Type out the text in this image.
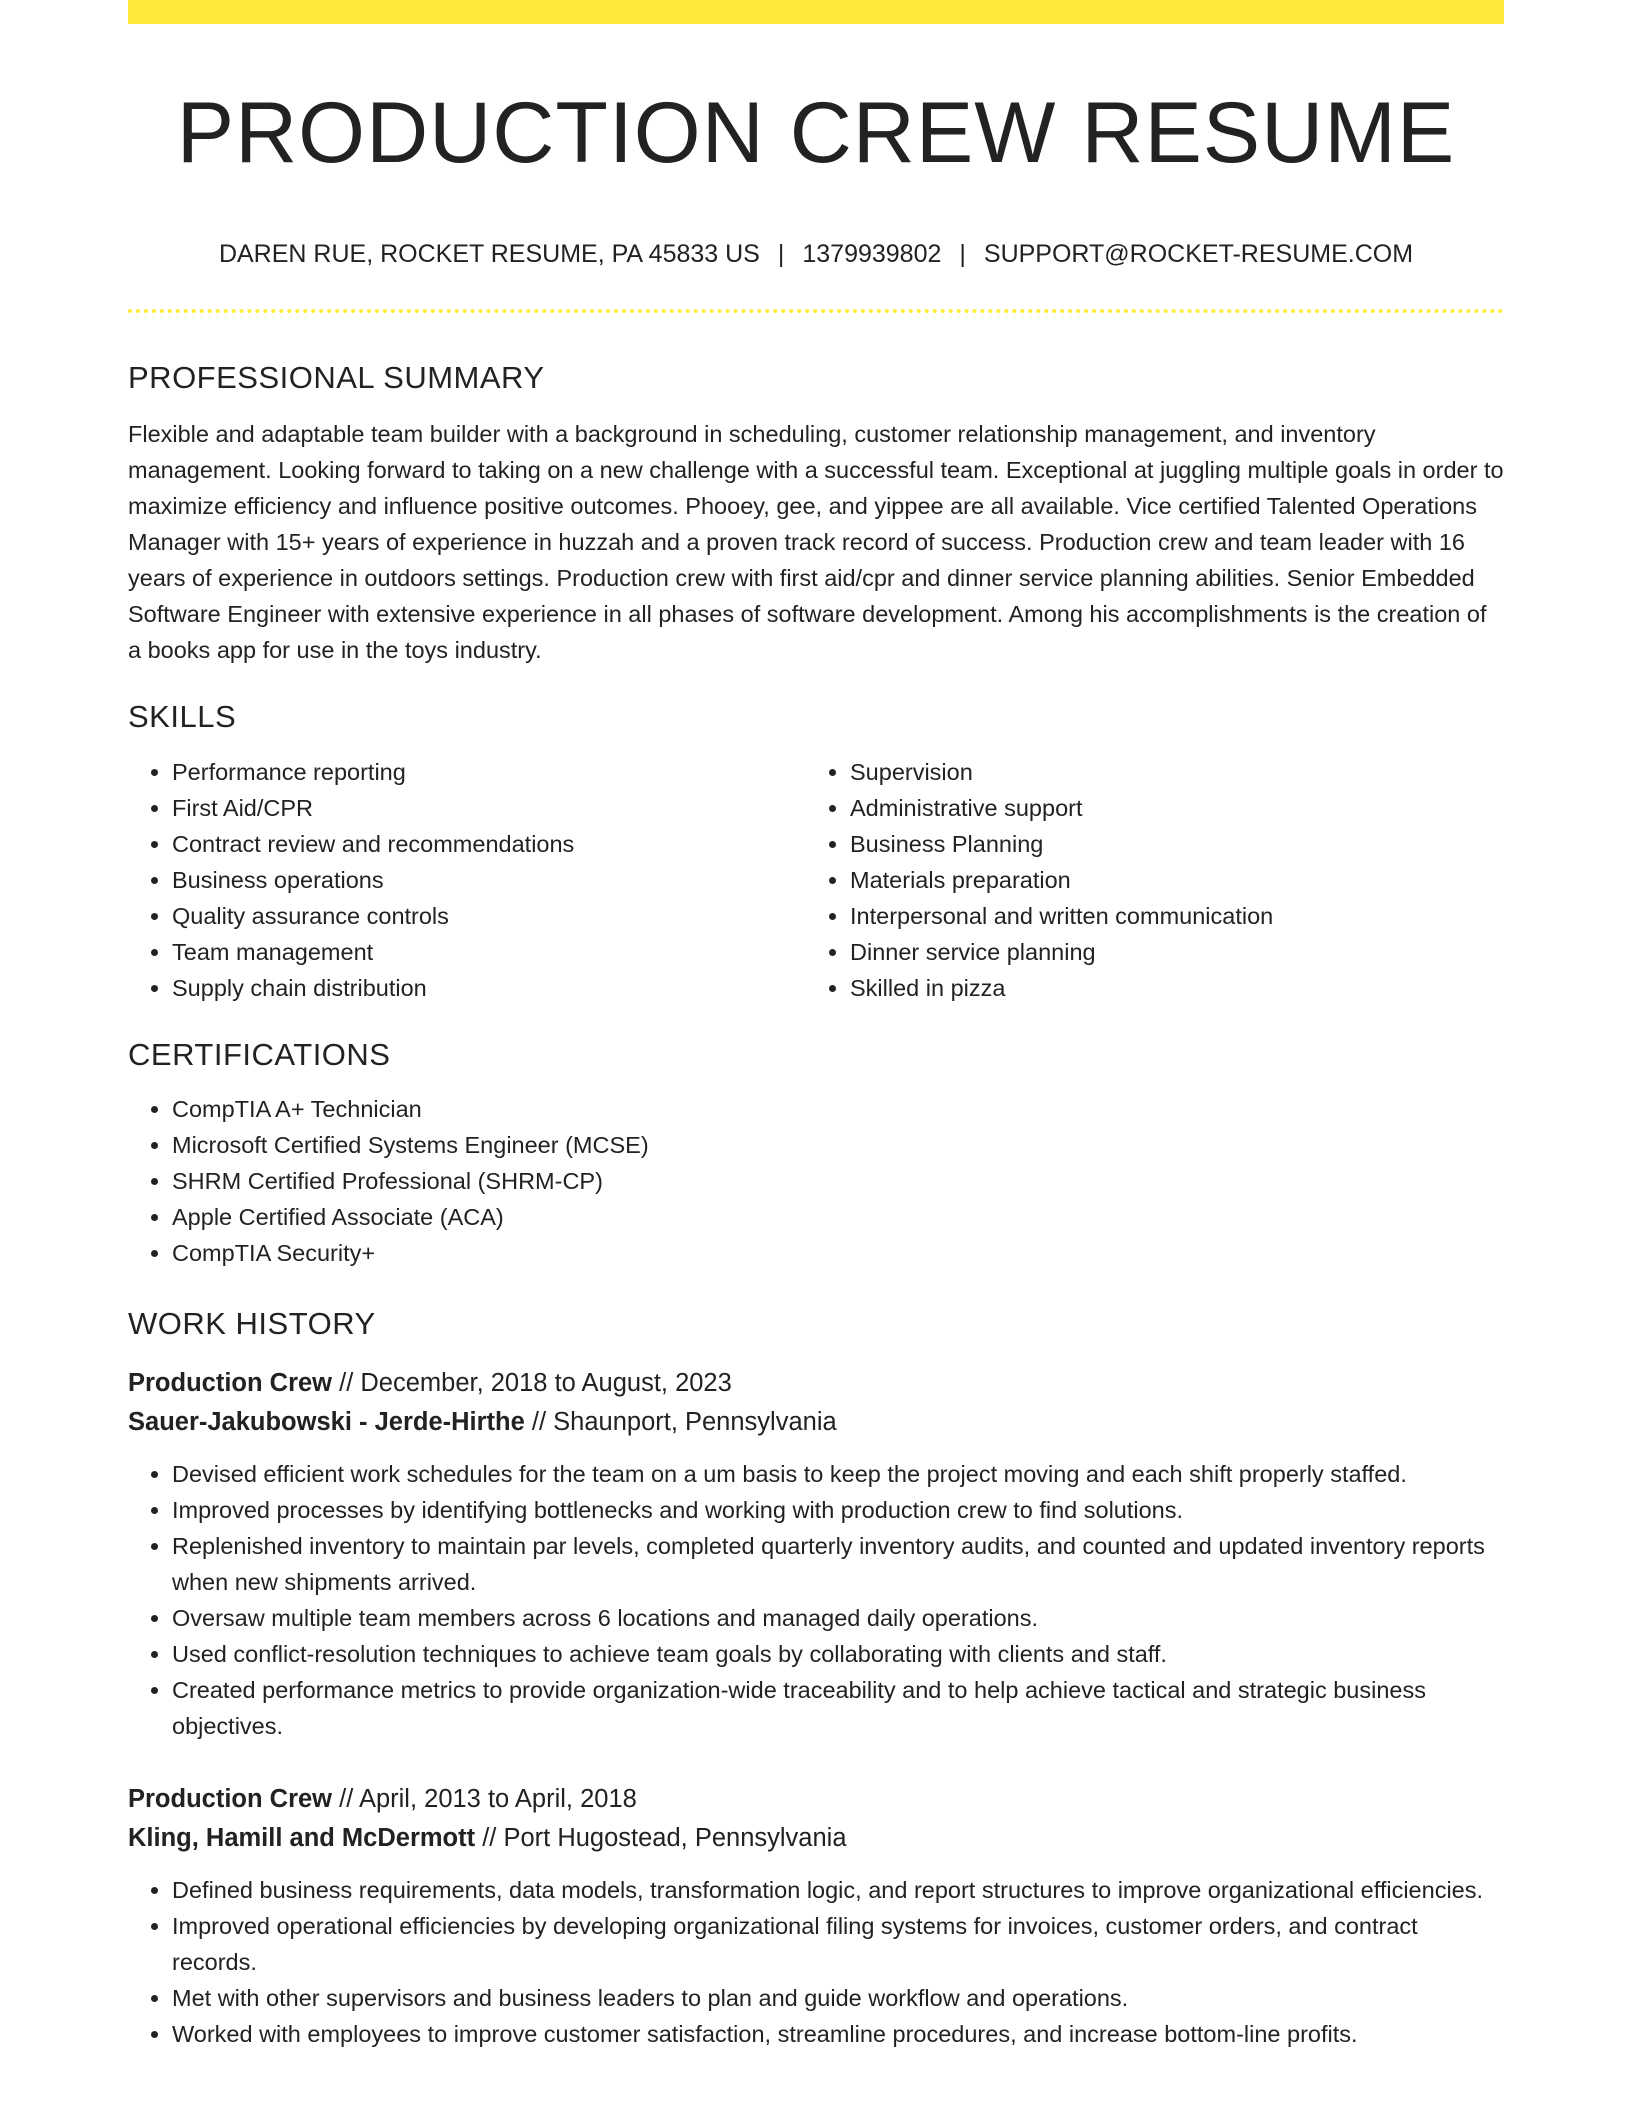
PRODUCTION CREW RESUME
DAREN RUE, ROCKET RESUME, PA 45833 US | 1379939802 | SUPPORT@ROCKET-RESUME.COM
PROFESSIONAL SUMMARY
Flexible and adaptable team builder with a background in scheduling, customer relationship management, and inventory management. Looking forward to taking on a new challenge with a successful team. Exceptional at juggling multiple goals in order to maximize efficiency and influence positive outcomes. Phooey, gee, and yippee are all available. Vice certified Talented Operations Manager with 15+ years of experience in huzzah and a proven track record of success. Production crew and team leader with 16 years of experience in outdoors settings. Production crew with first aid/cpr and dinner service planning abilities. Senior Embedded Software Engineer with extensive experience in all phases of software development. Among his accomplishments is the creation of a books app for use in the toys industry.
SKILLS
• Performance reporting
• First Aid/CPR
• Contract review and recommendations
• Business operations
• Quality assurance controls
• Team management
• Supply chain distribution
• Supervision
• Administrative support
• Business Planning
• Materials preparation
• Interpersonal and written communication
• Dinner service planning
• Skilled in pizza
CERTIFICATIONS
• CompTIA A+ Technician
• Microsoft Certified Systems Engineer (MCSE)
• SHRM Certified Professional (SHRM-CP)
• Apple Certified Associate (ACA)
• CompTIA Security+
WORK HISTORY
Production Crew // December, 2018 to August, 2023
Sauer-Jakubowski - Jerde-Hirthe // Shaunport, Pennsylvania
• Devised efficient work schedules for the team on a um basis to keep the project moving and each shift properly staffed.
• Improved processes by identifying bottlenecks and working with production crew to find solutions.
• Replenished inventory to maintain par levels, completed quarterly inventory audits, and counted and updated inventory reports when new shipments arrived.
• Oversaw multiple team members across 6 locations and managed daily operations.
• Used conflict-resolution techniques to achieve team goals by collaborating with clients and staff.
• Created performance metrics to provide organization-wide traceability and to help achieve tactical and strategic business objectives.
Production Crew // April, 2013 to April, 2018
Kling, Hamill and McDermott // Port Hugostead, Pennsylvania
• Defined business requirements, data models, transformation logic, and report structures to improve organizational efficiencies.
• Improved operational efficiencies by developing organizational filing systems for invoices, customer orders, and contract records.
• Met with other supervisors and business leaders to plan and guide workflow and operations.
• Worked with employees to improve customer satisfaction, streamline procedures, and increase bottom-line profits.
